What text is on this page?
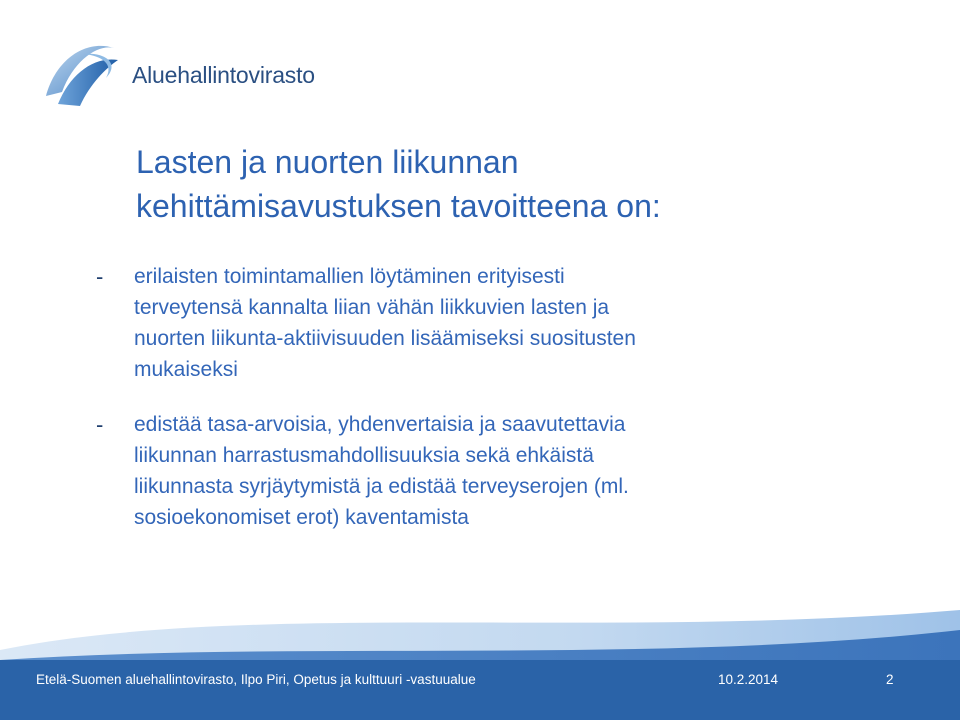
Aluehallintovirasto
Lasten ja nuorten liikunnan
kehittämisavustuksen tavoitteena on:
- erilaisten toimintamallien löytäminen erityisesti
terveytensä kannalta liian vähän liikkuvien lasten ja
nuorten liikunta-aktiivisuuden lisäämiseksi suositusten
mukaiseksi
- edistää tasa-arvoisia, yhdenvertaisia ja saavutettavia
liikunnan harrastusmahdollisuuksia sekä ehkäistä
liikunnasta syrjäytymistä ja edistää terveyserojen (ml.
sosioekonomiset erot) kaventamista
Etelä-Suomen aluehallintovirasto, Ilpo Piri, Opetus ja kulttuuri -vastuualue	10.2.2014	2
